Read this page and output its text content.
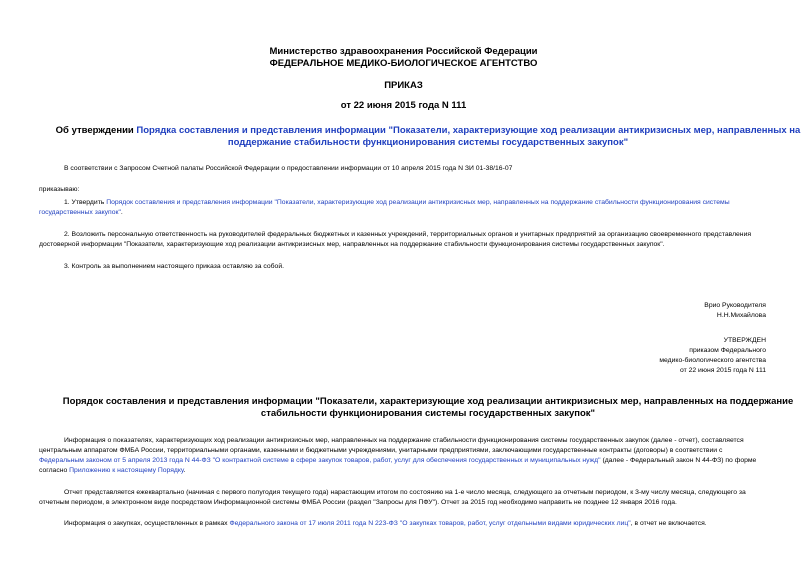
Министерство здравоохранения Российской Федерации
ФЕДЕРАЛЬНОЕ МЕДИКО-БИОЛОГИЧЕСКОЕ АГЕНТСТВО
ПРИКАЗ
от 22 июня 2015 года N 111
Об утверждении Порядка составления и представления информации "Показатели, характеризующие ход реализации антикризисных мер, направленных на поддержание стабильности функционирования системы государственных закупок"
В соответствии с Запросом Счетной палаты Российской Федерации о предоставлении информации от 10 апреля 2015 года N ЗИ 01-38/16-07
приказываю:
1. Утвердить Порядок составления и представления информации "Показатели, характеризующие ход реализации антикризисных мер, направленных на поддержание стабильности функционирования системы государственных закупок".
2. Возложить персональную ответственность на руководителей федеральных бюджетных и казенных учреждений, территориальных органов и унитарных предприятий за организацию своевременного представления достоверной информации "Показатели, характеризующие ход реализации антикризисных мер, направленных на поддержание стабильности функционирования системы государственных закупок".
3. Контроль за выполнением настоящего приказа оставляю за собой.
Врио Руководителя
Н.Н.Михайлова
УТВЕРЖДЕН
приказом Федерального
медико-биологического агентства
от 22 июня 2015 года N 111
Порядок составления и представления информации "Показатели, характеризующие ход реализации антикризисных мер, направленных на поддержание стабильности функционирования системы государственных закупок"
Информация о показателях, характеризующих ход реализации антикризисных мер, направленных на поддержание стабильности функционирования системы государственных закупок (далее - отчет), составляется центральным аппаратом ФМБА России, территориальными органами, казенными и бюджетными учреждениями, унитарными предприятиями, заключающими государственные контракты (договоры) в соответствии с Федеральным законом от 5 апреля 2013 года N 44-ФЗ "О контрактной системе в сфере закупок товаров, работ, услуг для обеспечения государственных и муниципальных нужд" (далее - Федеральный закон N 44-ФЗ) по форме согласно Приложению к настоящему Порядку.
Отчет представляется ежеквартально (начиная с первого полугодия текущего года) нарастающим итогом по состоянию на 1-е число месяца, следующего за отчетным периодом, к 3-му числу месяца, следующего за отчетным периодом, в электронном виде посредством Информационной системы ФМБА России (раздел "Запросы для ПФУ"). Отчет за 2015 год необходимо направить не позднее 12 января 2016 года.
Информация о закупках, осуществленных в рамках Федерального закона от 17 июля 2011 года N 223-ФЗ "О закупках товаров, работ, услуг отдельными видами юридических лиц", в отчет не включается.
